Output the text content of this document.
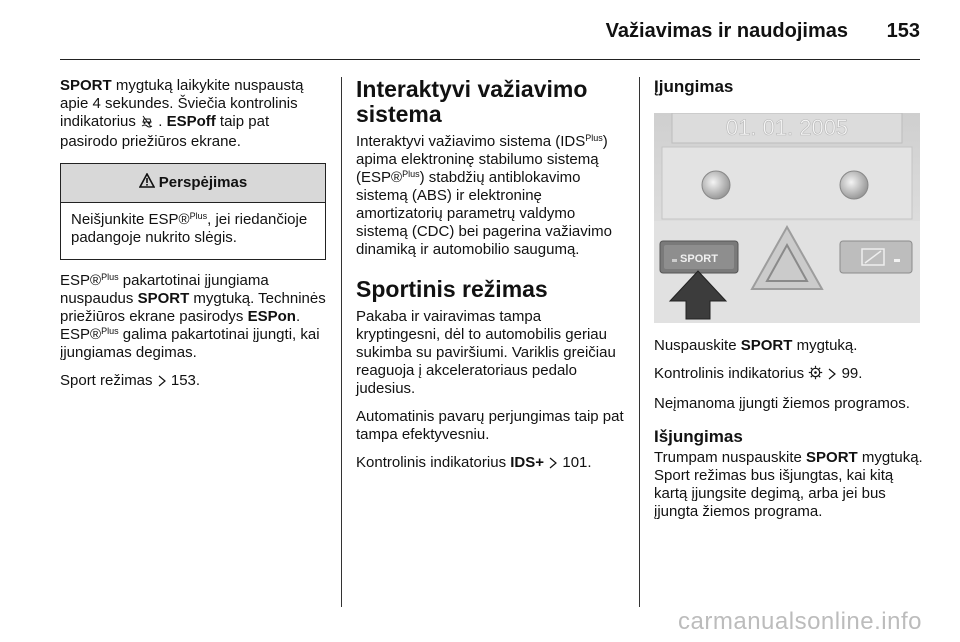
Važiavimas ir naudojimas 153

SPORT mygtuką laikykite nuspaustą apie 4 sekundes. Šviečia kontrolinis indikatorius  . ESPoff taip pat pasirodo priežiūros ekrane.

Perspėjimas

Neišjunkite ESP®$^{Plus}$, jei riedančioje padangoje nukrito slėgis.

ESP®$^{Plus}$ pakartotinai įjungiama nuspaudus SPORT mygtuką. Techninės priežiūros ekrane pasirodys ESPon. ESP®$^{Plus}$ galima pakartotinai įjungti, kai įjungiamas degimas.

Sport režimas  153.

Interaktyvi važiavimo sistema

Interaktyvi važiavimo sistema $(IDS^{Plus})$ apima elektroninę stabilumo sistemą (ESP®$^{Plus}$) stabdžių antiblokavimo sistemą (ABS) ir elektroninę amortizatorių parametrų valdymo sistemą (CDC) bei pagerina važiavimo dinamiką ir automobilio saugumą.

Sportinis režimas

Pakaba ir vairavimas tampa kryptingesni, dėl to automobilis geriau sukimba su paviršiumi. Variklis greičiau reaguoja į akceleratoriaus pedalo judesius.

Automatinis pavarų perjungimas taip pat tampa efektyvesniu.

Kontrolinis indikatorius IDS+ 101.

Įjungimas
01. 01. 2005
SPORT

Nuspauskite SPORT mygtuką.

Kontrolinis indikatorius   99.

Neįmanoma įjungti žiemos programos.

Išjungimas

Trumpam nuspauskite SPORT mygtuką. Sport režimas bus išjungtas, kai kitą kartą įjungsite degimą, arba jei bus įjungta žiemos programa.

carmanualsonline.info
